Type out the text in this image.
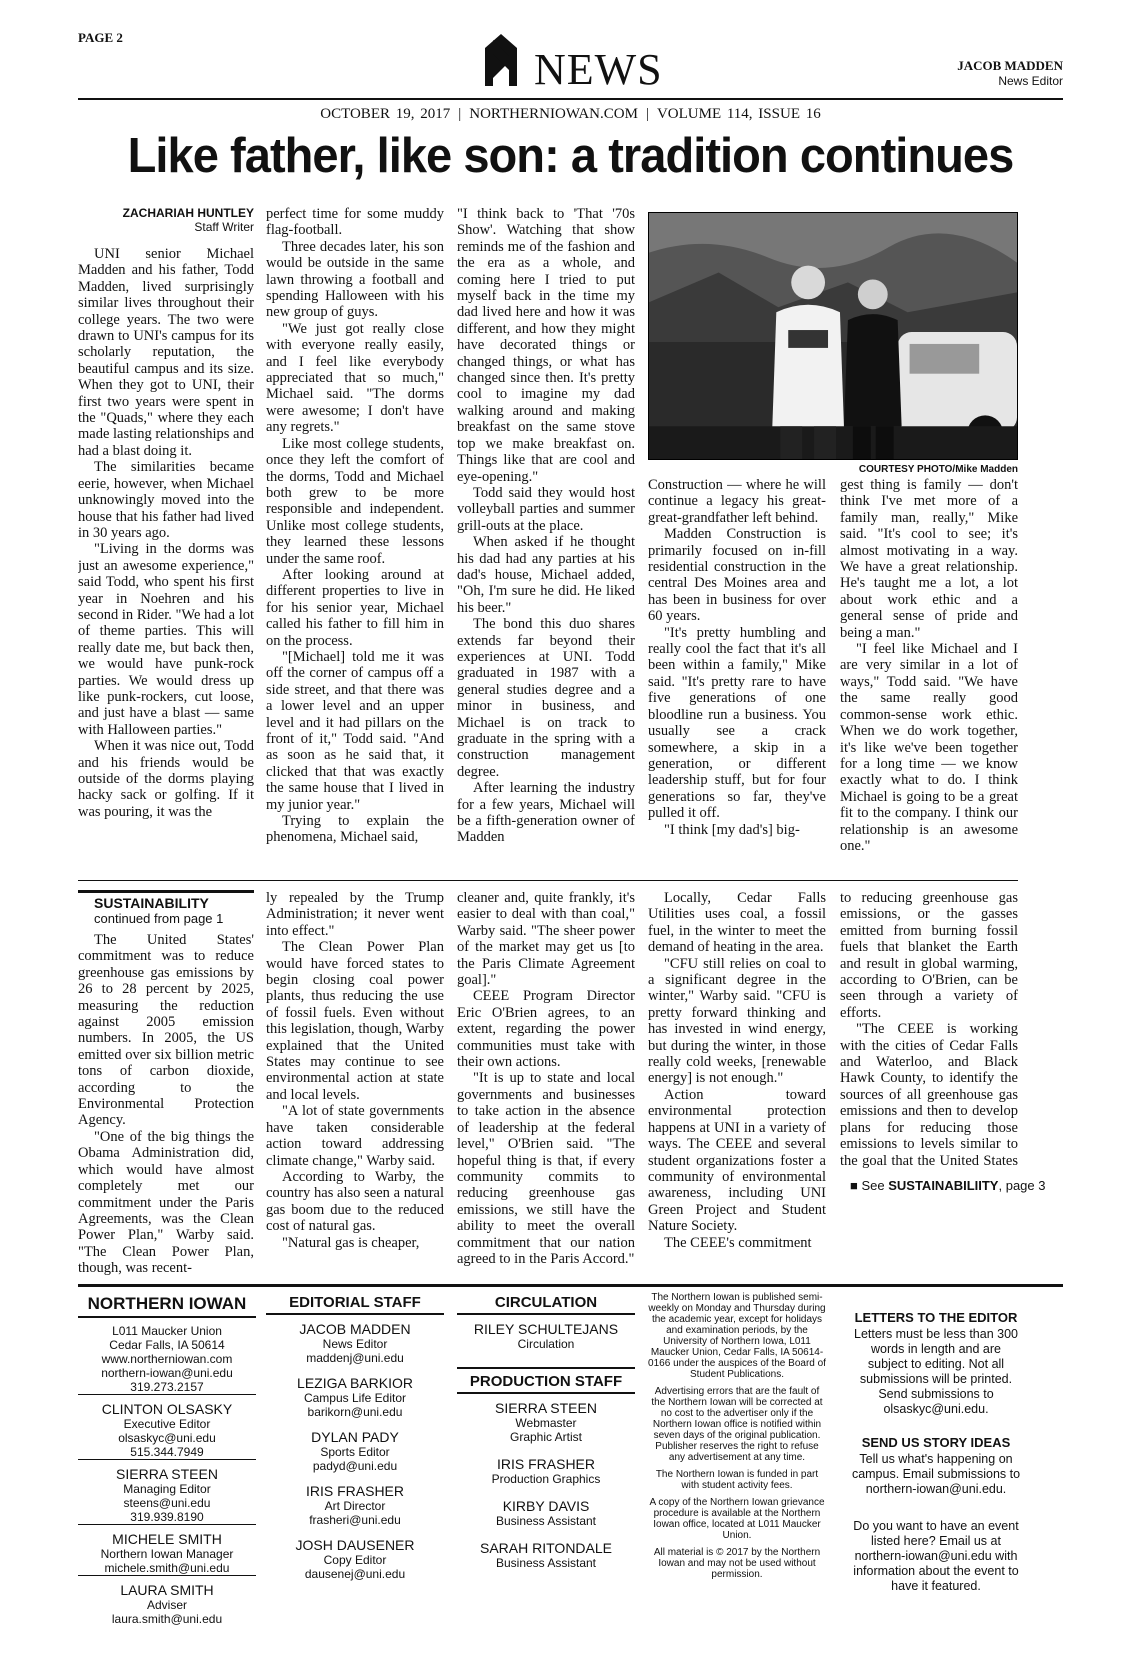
PAGE 2
NEWS	JACOB MADDEN
News Editor
OCTOBER 19, 2017 | NORTHERNIOWAN.COM | VOLUME 114, ISSUE 16
Like father, like son: a tradition continues
ZACHARIAH HUNTLEY
Staff Writer

UNI senior Michael Madden and his father, Todd Madden, lived surprisingly similar lives throughout their college years. The two were drawn to UNI's campus for its scholarly reputation, the beautiful campus and its size. When they got to UNI, their first two years were spent in the "Quads," where they each made lasting relationships and had a blast doing it.

The similarities became eerie, however, when Michael unknowingly moved into the house that his father had lived in 30 years ago.

"Living in the dorms was just an awesome experience," said Todd, who spent his first year in Noehren and his second in Rider. "We had a lot of theme parties. This will really date me, but back then, we would have punk-rock parties. We would dress up like punk-rockers, cut loose, and just have a blast — same with Halloween parties."

When it was nice out, Todd and his friends would be outside of the dorms playing hacky sack or golfing. If it was pouring, it was the

perfect time for some muddy flag-football.

Three decades later, his son would be outside in the same lawn throwing a football and spending Halloween with his new group of guys.

"We just got really close with everyone really easily, and I feel like everybody appreciated that so much," Michael said. "The dorms were awesome; I don't have any regrets."

Like most college students, once they left the comfort of the dorms, Todd and Michael both grew to be more responsible and independent. Unlike most college students, they learned these lessons under the same roof.

After looking around at different properties to live in for his senior year, Michael called his father to fill him in on the process.

"[Michael] told me it was off the corner of campus off a side street, and that there was a lower level and an upper level and it had pillars on the front of it," Todd said. "And as soon as he said that, it clicked that that was exactly the same house that I lived in my junior year."

Trying to explain the phenomena, Michael said,

"I think back to 'That '70s Show'. Watching that show reminds me of the fashion and the era as a whole, and coming here I tried to put myself back in the time my dad lived here and how it was different, and how they might have decorated things or changed things, or what has changed since then. It's pretty cool to imagine my dad walking around and making breakfast on the same stove top we make breakfast on. Things like that are cool and eye-opening."

Todd said they would host volleyball parties and summer grill-outs at the place.

When asked if he thought his dad had any parties at his dad's house, Michael added, "Oh, I'm sure he did. He liked his beer."

The bond this duo shares extends far beyond their experiences at UNI. Todd graduated in 1987 with a general studies degree and a minor in business, and Michael is on track to graduate in the spring with a construction management degree.

After learning the industry for a few years, Michael will be a fifth-generation owner of Madden

COURTESY PHOTO/Mike Madden

Construction — where he will continue a legacy his great-great-grandfather left behind.

Madden Construction is primarily focused on in-fill residential construction in the central Des Moines area and has been in business for over 60 years.

"It's pretty humbling and really cool the fact that it's all been within a family," Mike said. "It's pretty rare to have five generations of one bloodline run a business. You usually see a crack somewhere, a skip in a generation, or different leadership stuff, but for four generations so far, they've pulled it off.

"I think [my dad's] big-

gest thing is family — don't think I've met more of a family man, really," Mike said. "It's cool to see; it's almost motivating in a way. We have a great relationship. He's taught me a lot, a lot about work ethic and a general sense of pride and being a man."

"I feel like Michael and I are very similar in a lot of ways," Todd said. "We have the same really good common-sense work ethic. When we do work together, it's like we've been together for a long time — we know exactly what to do. I think Michael is going to be a great fit to the company. I think our relationship is an awesome one."

SUSTAINABILITY
continued from page 1

The United States' commitment was to reduce greenhouse gas emissions by 26 to 28 percent by 2025, measuring the reduction against 2005 emission numbers. In 2005, the US emitted over six billion metric tons of carbon dioxide, according to the Environmental Protection Agency.

"One of the big things the Obama Administration did, which would have almost completely met our commitment under the Paris Agreements, was the Clean Power Plan," Warby said. "The Clean Power Plan, though, was recent-

ly repealed by the Trump Administration; it never went into effect."

The Clean Power Plan would have forced states to begin closing coal power plants, thus reducing the use of fossil fuels. Even without this legislation, though, Warby explained that the United States may continue to see environmental action at state and local levels.

"A lot of state governments have taken considerable action toward addressing climate change," Warby said.

According to Warby, the country has also seen a natural gas boom due to the reduced cost of natural gas.

"Natural gas is cheaper,

cleaner and, quite frankly, it's easier to deal with than coal," Warby said. "The sheer power of the market may get us [to the Paris Climate Agreement goal]."

CEEE Program Director Eric O'Brien agrees, to an extent, regarding the power communities must take with their own actions.

"It is up to state and local governments and businesses to take action in the absence of leadership at the federal level," O'Brien said. "The hopeful thing is that, if every community commits to reducing greenhouse gas emissions, we still have the ability to meet the overall commitment that our nation agreed to in the Paris Accord."

Locally, Cedar Falls Utilities uses coal, a fossil fuel, in the winter to meet the demand of heating in the area.

"CFU still relies on coal to a significant degree in the winter," Warby said. "CFU is pretty forward thinking and has invested in wind energy, but during the winter, in those really cold weeks, [renewable energy] is not enough."

Action toward environmental protection happens at UNI in a variety of ways. The CEEE and several student organizations foster a community of environmental awareness, including UNI Green Project and Student Nature Society.

The CEEE's commitment

to reducing greenhouse gas emissions, or the gasses emitted from burning fossil fuels that blanket the Earth and result in global warming, according to O'Brien, can be seen through a variety of efforts.

"The CEEE is working with the cities of Cedar Falls and Waterloo, and Black Hawk County, to identify the sources of all greenhouse gas emissions and then to develop plans for reducing those emissions to levels similar to the goal that the United States

■ See SUSTAINABILIITY, page 3
NORTHERN IOWAN
L011 Maucker Union
Cedar Falls, IA 50614
www.northerniowan.com
northern-iowan@uni.edu
319.273.2157
CLINTON OLSASKY
Executive Editor
olsaskyc@uni.edu
515.344.7949
SIERRA STEEN
Managing Editor
steens@uni.edu
319.939.8190
MICHELE SMITH
Northern Iowan Manager
michele.smith@uni.edu
LAURA SMITH
Adviser
laura.smith@uni.edu
EDITORIAL STAFF
JACOB MADDEN
News Editor
maddenj@uni.edu
LEZIGA BARKIOR
Campus Life Editor
barikorn@uni.edu
DYLAN PADY
Sports Editor
padyd@uni.edu
IRIS FRASHER
Art Director
frasheri@uni.edu
JOSH DAUSENER
Copy Editor
dausenej@uni.edu
CIRCULATION
RILEY SCHULTEJANS
Circulation
PRODUCTION STAFF
SIERRA STEEN
Webmaster
Graphic Artist
IRIS FRASHER
Production Graphics
KIRBY DAVIS
Business Assistant
SARAH RITONDALE
Business Assistant

The Northern Iowan is published semi-weekly on Monday and Thursday during the academic year, except for holidays and examination periods, by the University of Northern Iowa, L011 Maucker Union, Cedar Falls, IA 50614-0166 under the auspices of the Board of Student Publications.

Advertising errors that are the fault of the Northern Iowan will be corrected at no cost to the advertiser only if the Northern Iowan office is notified within seven days of the original publication. Publisher reserves the right to refuse any advertisement at any time.

The Northern Iowan is funded in part with student activity fees.

A copy of the Northern Iowan grievance procedure is available at the Northern Iowan office, located at L011 Maucker Union.

All material is © 2017 by the Northern Iowan and may not be used without permission.

LETTERS TO THE EDITOR

Letters must be less than 300 words in length and are subject to editing. Not all submissions will be printed. Send submissions to olsaskyc@uni.edu.

SEND US STORY IDEAS

Tell us what's happening on campus. Email submissions to northern-iowan@uni.edu.

Do you want to have an event listed here? Email us at northern-iowan@uni.edu with information about the event to have it featured.
